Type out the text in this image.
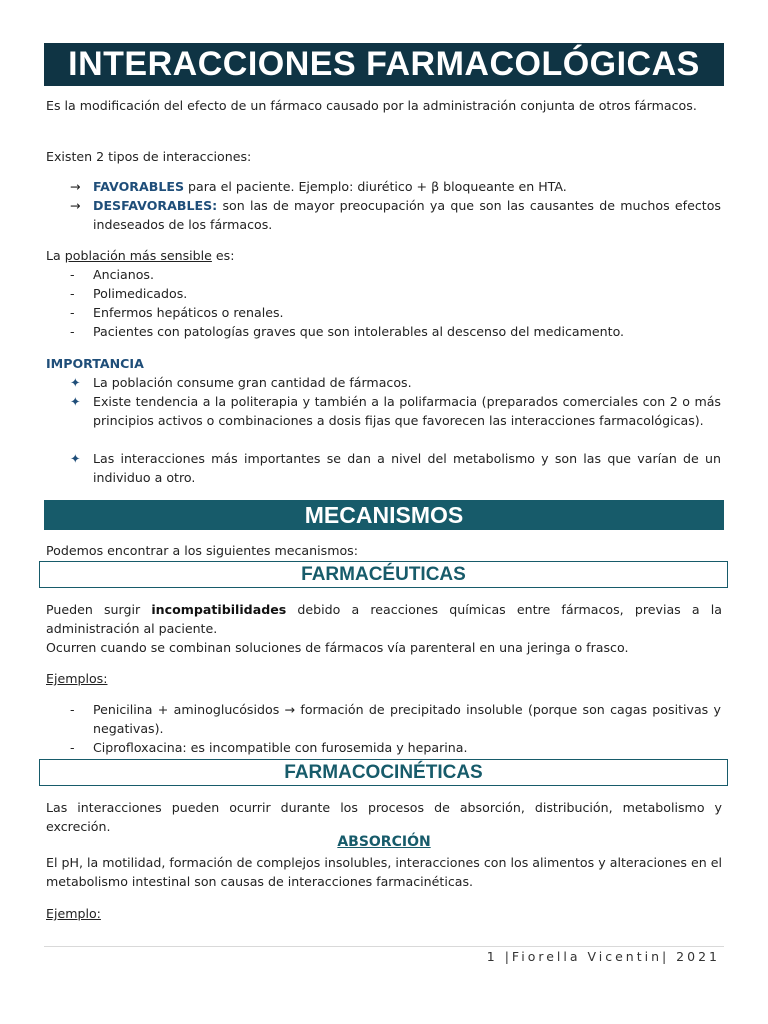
INTERACCIONES FARMACOLÓGICAS
Es la modificación del efecto de un fármaco causado por la administración conjunta de otros fármacos.
Existen 2 tipos de interacciones:
→ FAVORABLES para el paciente. Ejemplo: diurético + β bloqueante en HTA.
→ DESFAVORABLES: son las de mayor preocupación ya que son las causantes de muchos efectos indeseados de los fármacos.
La población más sensible es:
-	Ancianos.
-	Polimedicados.
-	Enfermos hepáticos o renales.
-	Pacientes con patologías graves que son intolerables al descenso del medicamento.
IMPORTANCIA
✦ La población consume gran cantidad de fármacos.
✦ Existe tendencia a la politerapia y también a la polifarmacia (preparados comerciales con 2 o más principios activos o combinaciones a dosis fijas que favorecen las interacciones farmacológicas).
✦ Las interacciones más importantes se dan a nivel del metabolismo y son las que varían de un individuo a otro.
MECANISMOS
Podemos encontrar a los siguientes mecanismos:
FARMACÉUTICAS
Pueden surgir incompatibilidades debido a reacciones químicas entre fármacos, previas a la administración al paciente.
Ocurren cuando se combinan soluciones de fármacos vía parenteral en una jeringa o frasco.
Ejemplos:
-	Penicilina + aminoglucósidos → formación de precipitado insoluble (porque son cagas positivas y negativas).
-	Ciprofloxacina: es incompatible con furosemida y heparina.
FARMACOCINÉTICAS
Las interacciones pueden ocurrir durante los procesos de absorción, distribución, metabolismo y excreción.
ABSORCIÓN
El pH, la motilidad, formación de complejos insolubles, interacciones con los alimentos y alteraciones en el metabolismo intestinal son causas de interacciones farmacinéticas.
Ejemplo:
1 |Fiorella Vicentin| 2021
